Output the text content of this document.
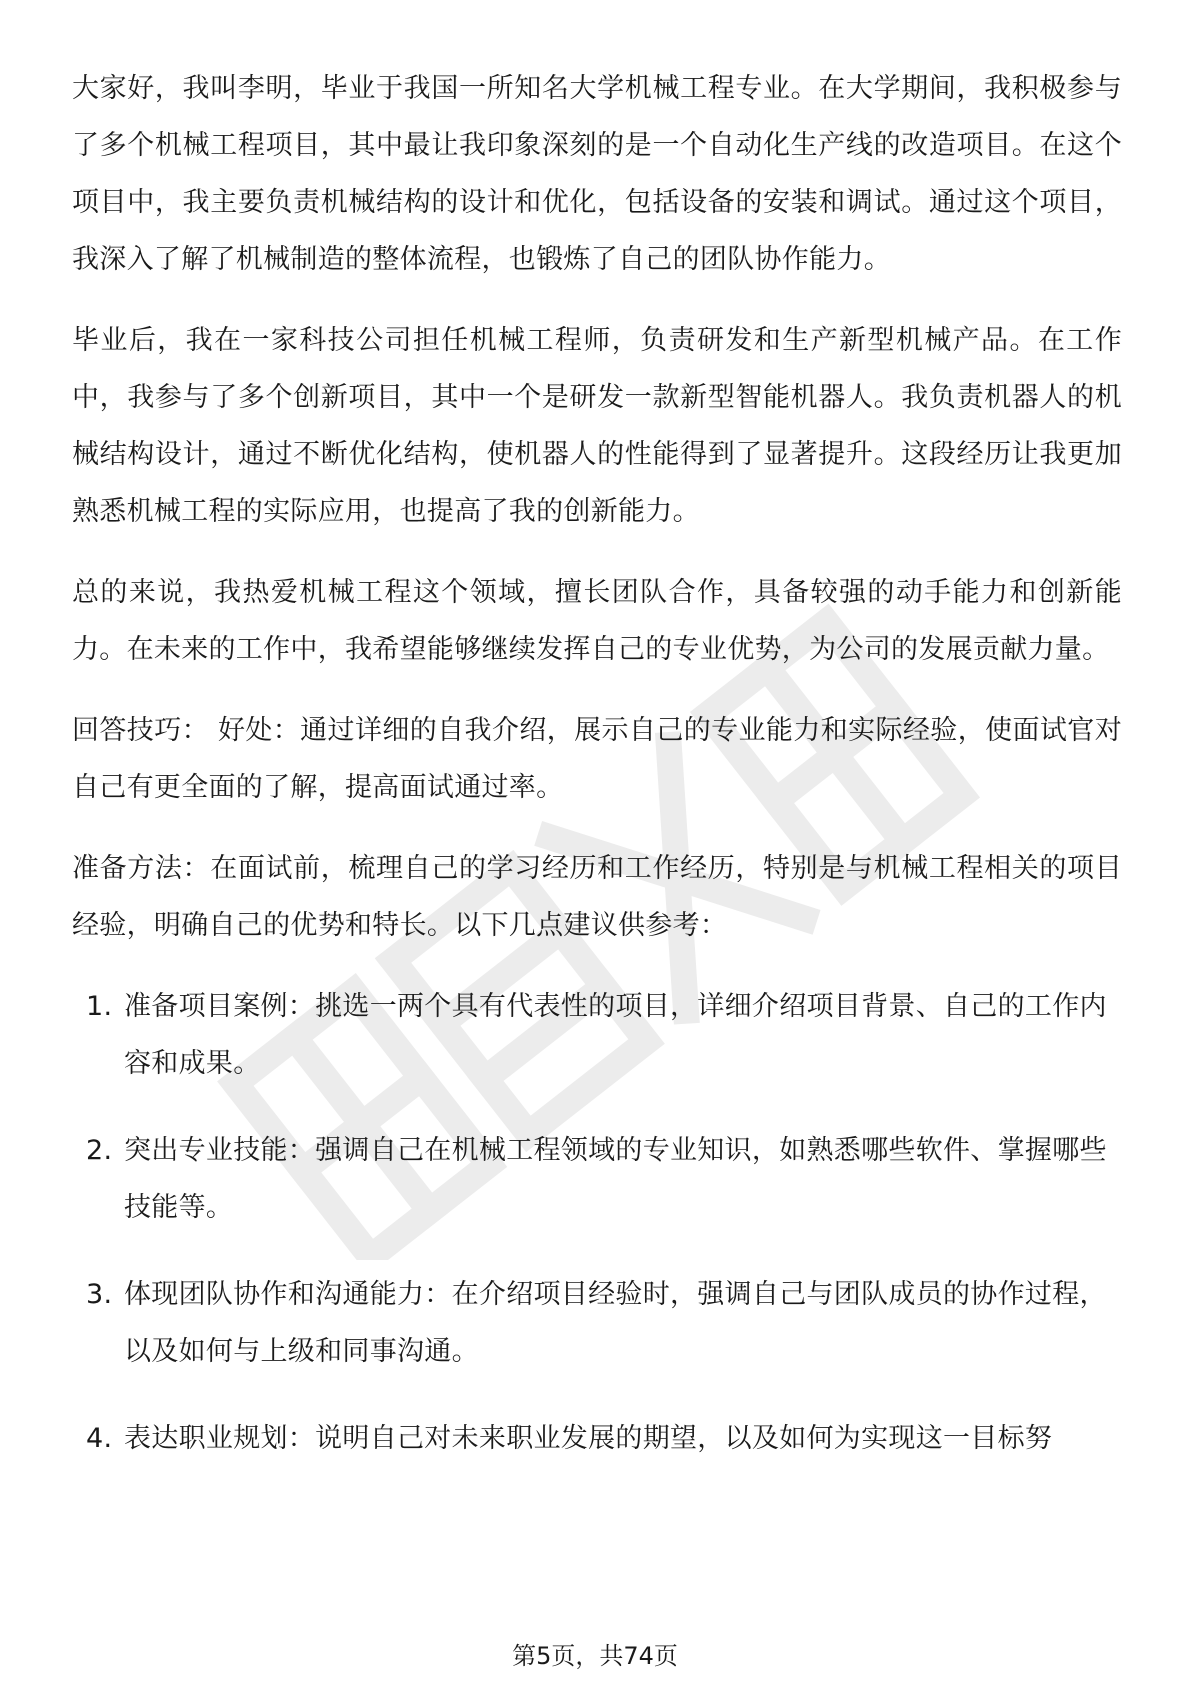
大家好，我叫李明，毕业于我国一所知名大学机械工程专业。在大学期间，我积极参与了多个机械工程项目，其中最让我印象深刻的是一个自动化生产线的改造项目。在这个项目中，我主要负责机械结构的设计和优化，包括设备的安装和调试。通过这个项目，我深入了解了机械制造的整体流程，也锻炼了自己的团队协作能力。

毕业后，我在一家科技公司担任机械工程师，负责研发和生产新型机械产品。在工作中，我参与了多个创新项目，其中一个是研发一款新型智能机器人。我负责机器人的机械结构设计，通过不断优化结构，使机器人的性能得到了显著提升。这段经历让我更加熟悉机械工程的实际应用，也提高了我的创新能力。

总的来说，我热爱机械工程这个领域，擅长团队合作，具备较强的动手能力和创新能力。在未来的工作中，我希望能够继续发挥自己的专业优势，为公司的发展贡献力量。

回答技巧： 好处：通过详细的自我介绍，展示自己的专业能力和实际经验，使面试官对自己有更全面的了解，提高面试通过率。

准备方法：在面试前，梳理自己的学习经历和工作经历，特别是与机械工程相关的项目经验，明确自己的优势和特长。以下几点建议供参考：

1. 准备项目案例：挑选一两个具有代表性的项目，详细介绍项目背景、自己的工作内容和成果。
2. 突出专业技能：强调自己在机械工程领域的专业知识，如熟悉哪些软件、掌握哪些技能等。
3. 体现团队协作和沟通能力：在介绍项目经验时，强调自己与团队成员的协作过程，以及如何与上级和同事沟通。
4. 表达职业规划：说明自己对未来职业发展的期望，以及如何为实现这一目标努
第5页，共74页
